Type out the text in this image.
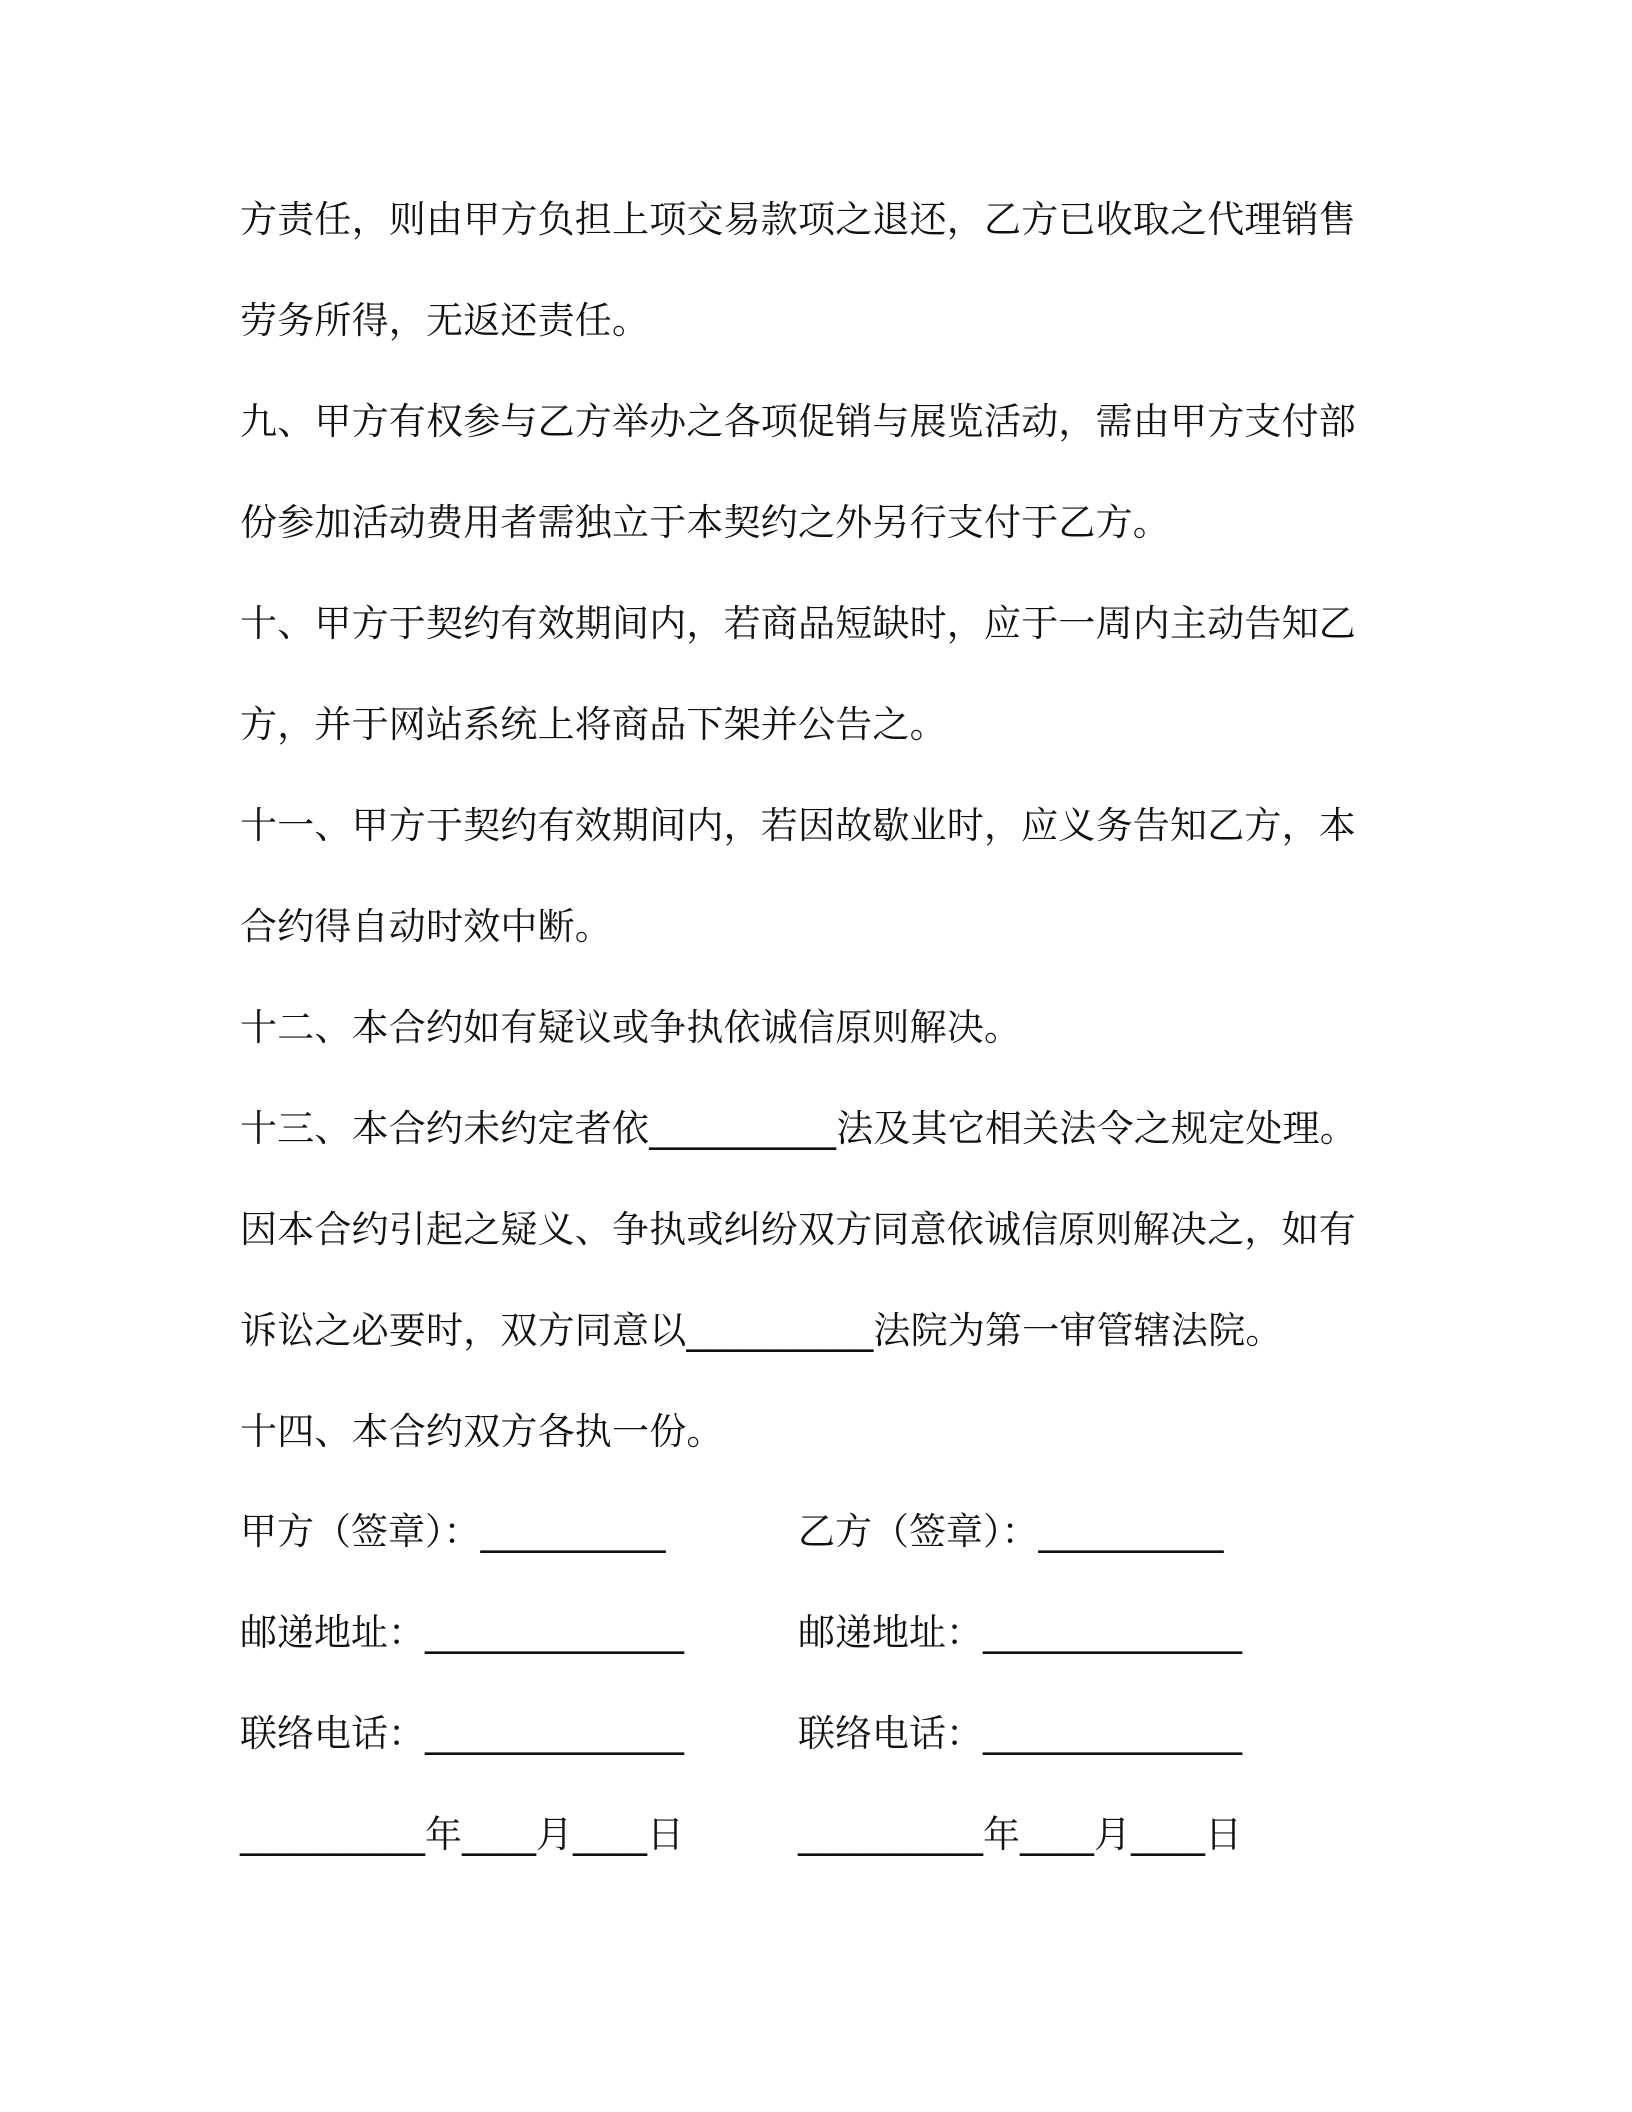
方责任，则由甲方负担上项交易款项之退还，乙方已收取之代理销售
劳务所得，无返还责任。
九、甲方有权参与乙方举办之各项促销与展览活动，需由甲方支付部
份参加活动费用者需独立于本契约之外另行支付于乙方。
十、甲方于契约有效期间内，若商品短缺时，应于一周内主动告知乙
方，并于网站系统上将商品下架并公告之。
十一、甲方于契约有效期间内，若因故歇业时，应义务告知乙方，本
合约得自动时效中断。
十二、本合约如有疑议或争执依诚信原则解决。
十三、本合约未约定者依__________法及其它相关法令之规定处理。
因本合约引起之疑义、争执或纠纷双方同意依诚信原则解决之，如有
诉讼之必要时，双方同意以__________法院为第一审管辖法院。
十四、本合约双方各执一份。
甲方（签章）：__________	乙方（签章）：__________
邮递地址：______________	邮递地址：______________
联络电话：______________	联络电话：______________
__________年____月____日	__________年____月____日
